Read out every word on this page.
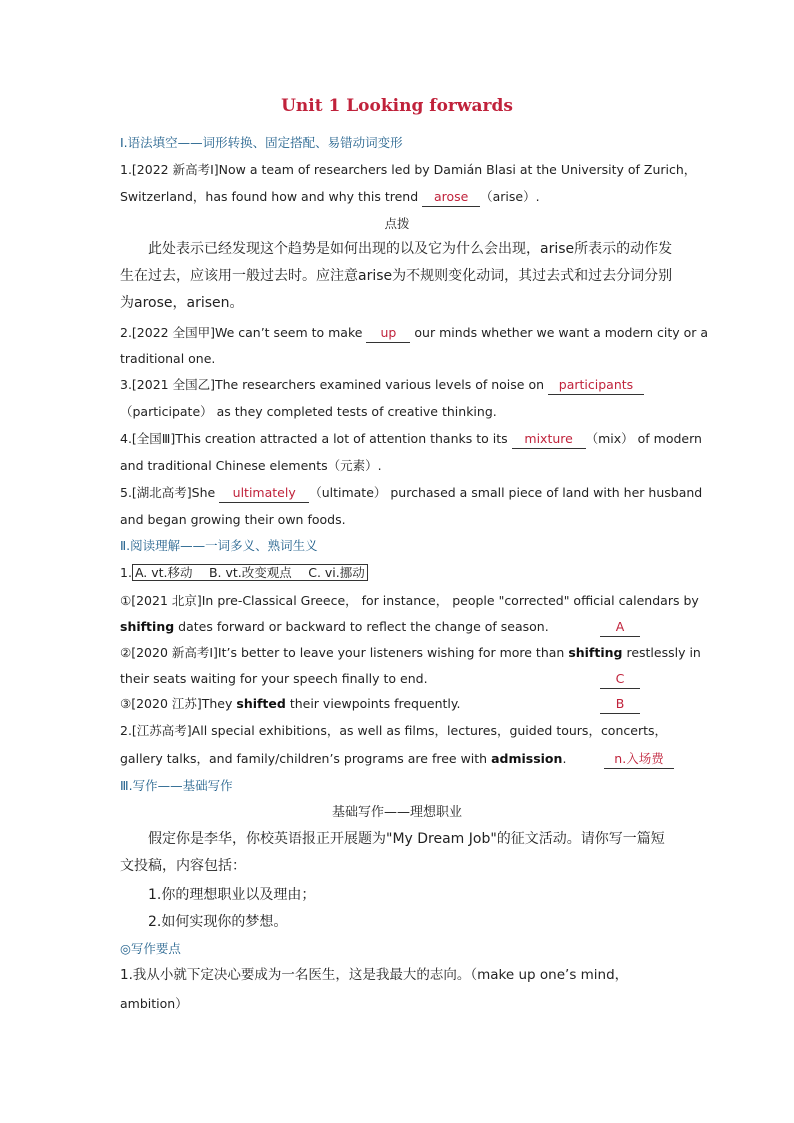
Unit 1 Looking forwards
Ⅰ.语法填空——词形转换、固定搭配、易错动词变形
1.[2022 新高考Ⅰ]Now a team of researchers led by Damián Blasi at the University of Zurich，
Switzerland，has found how and why this trend arose （arise）.
点拨
此处表示已经发现这个趋势是如何出现的以及它为什么会出现，arise所表示的动作发生在过去，应该用一般过去时。应注意arise为不规则变化动词，其过去式和过去分词分别为arose，arisen。
2.[2022 全国甲]We can’t seem to make up our minds whether we want a modern city or a
traditional one.
3.[2021 全国乙]The researchers examined various levels of noise on participants
（participate） as they completed tests of creative thinking.
4.[全国Ⅲ]This creation attracted a lot of attention thanks to its mixture （mix） of modern
and traditional Chinese elements（元素）.
5.[湖北高考]She ultimately （ultimate） purchased a small piece of land with her husband
and began growing their own foods.
Ⅱ.阅读理解——一词多义、熟词生义
1. A. vt.移动　 B. vt.改变观点　 C. vi.挪动
①[2021 北京]In pre-Classical Greece， for instance， people "corrected" official calendars by
shifting dates forward or backward to reflect the change of season.	A
②[2020 新高考Ⅰ]It’s better to leave your listeners wishing for more than shifting restlessly in
their seats waiting for your speech finally to end.	C
③[2020 江苏]They shifted their viewpoints frequently.	B
2.[江苏高考]All special exhibitions，as well as films，lectures，guided tours，concerts，
gallery talks，and family/children’s programs are free with admission.	n.入场费
Ⅲ.写作——基础写作
基础写作——理想职业
假定你是李华，你校英语报正开展题为"My Dream Job"的征文活动。请你写一篇短文投稿，内容包括：
1.你的理想职业以及理由；
2.如何实现你的梦想。
◎写作要点
1.我从小就下定决心要成为一名医生，这是我最大的志向。（make up one’s mind，
ambition）
